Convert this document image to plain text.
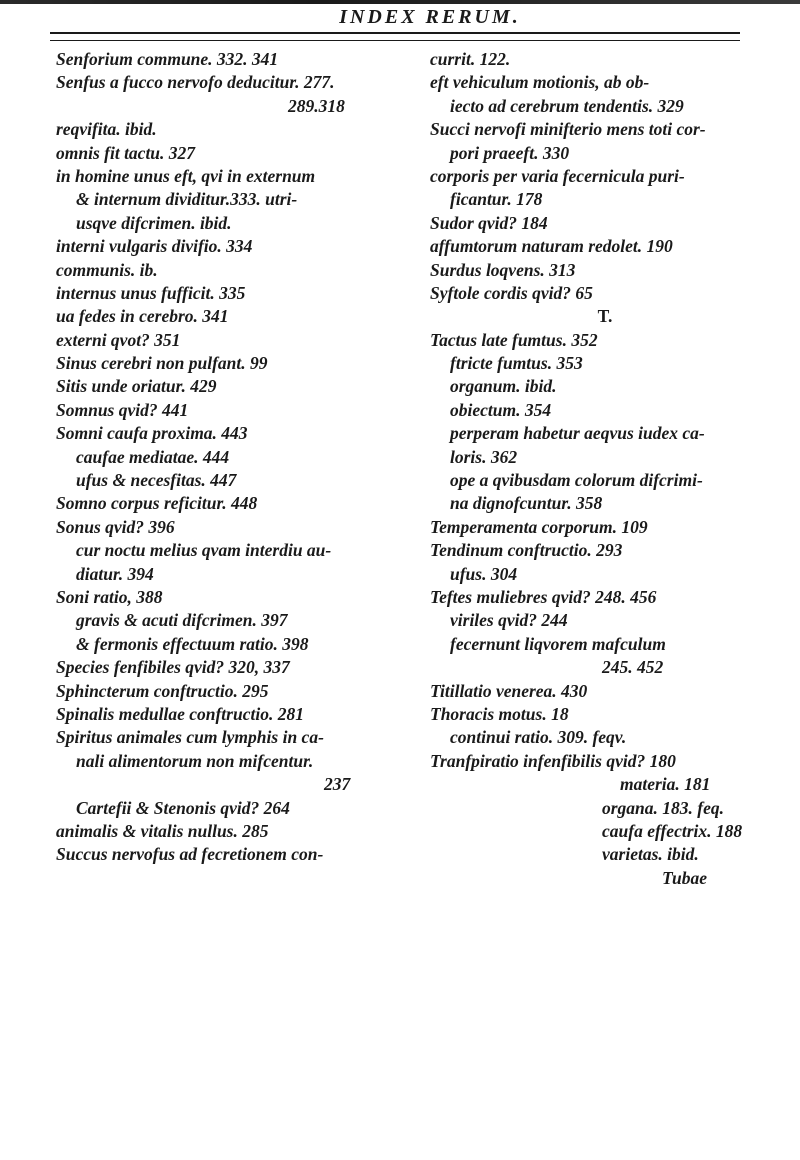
INDEX RERUM.
Senforium commune. 332. 341
Senfus a fucco nervofo deducitur. 277.
289.318
reqvifita. ibid.
omnis fit tactu. 327
in homine unus eft, qvi in externum
& internum dividitur.333. utri-
usqve difcrimen. ibid.
interni vulgaris divifio. 334
communis. ib.
internus unus fufficit. 335
ua fedes in cerebro. 341
externi qvot? 351
Sinus cerebri non pulfant. 99
Sitis unde oriatur. 429
Somnus qvid? 441
Somni caufa proxima. 443
caufae mediatae. 444
ufus & necesfitas. 447
Somno corpus reficitur. 448
Sonus qvid? 396
cur noctu melius qvam interdiu au-
diatur. 394
Soni ratio, 388
gravis & acuti difcrimen. 397
& fermonis effectuum ratio. 398
Species fenfibiles qvid? 320, 337
Sphincterum conftructio. 295
Spinalis medullae conftructio. 281
Spiritus animales cum lymphis in ca-
nali alimentorum non mifcentur.
237
Cartefii & Stenonis qvid? 264
animalis & vitalis nullus. 285
Succus nervofus ad fecretionem con-
currit. 122.
eft vehiculum motionis, ab ob-
iecto ad cerebrum tendentis. 329
Succi nervofi minifterio mens toti cor-
pori praeeft. 330
corporis per varia fecernicula puri-
ficantur. 178
Sudor qvid? 184
affumtorum naturam redolet. 190
Surdus loqvens. 313
Syftole cordis qvid? 65
T.
Tactus late fumtus. 352
ftricte fumtus. 353
organum. ibid.
obiectum. 354
perperam habetur aeqvus iudex ca-
loris. 362
ope a qvibusdam colorum difcrimi-
na dignofcuntur. 358
Temperamenta corporum. 109
Tendinum conftructio. 293
ufus. 304
Teftes muliebres qvid? 248. 456
viriles qvid? 244
fecernunt liqvorem mafculum
245. 452
Titillatio venerea. 430
Thoracis motus. 18
continui ratio. 309. feqv.
Tranfpiratio infenfibilis qvid? 180
materia. 181
organa. 183. feq.
caufa effectrix. 188
varietas. ibid.
Tubae
